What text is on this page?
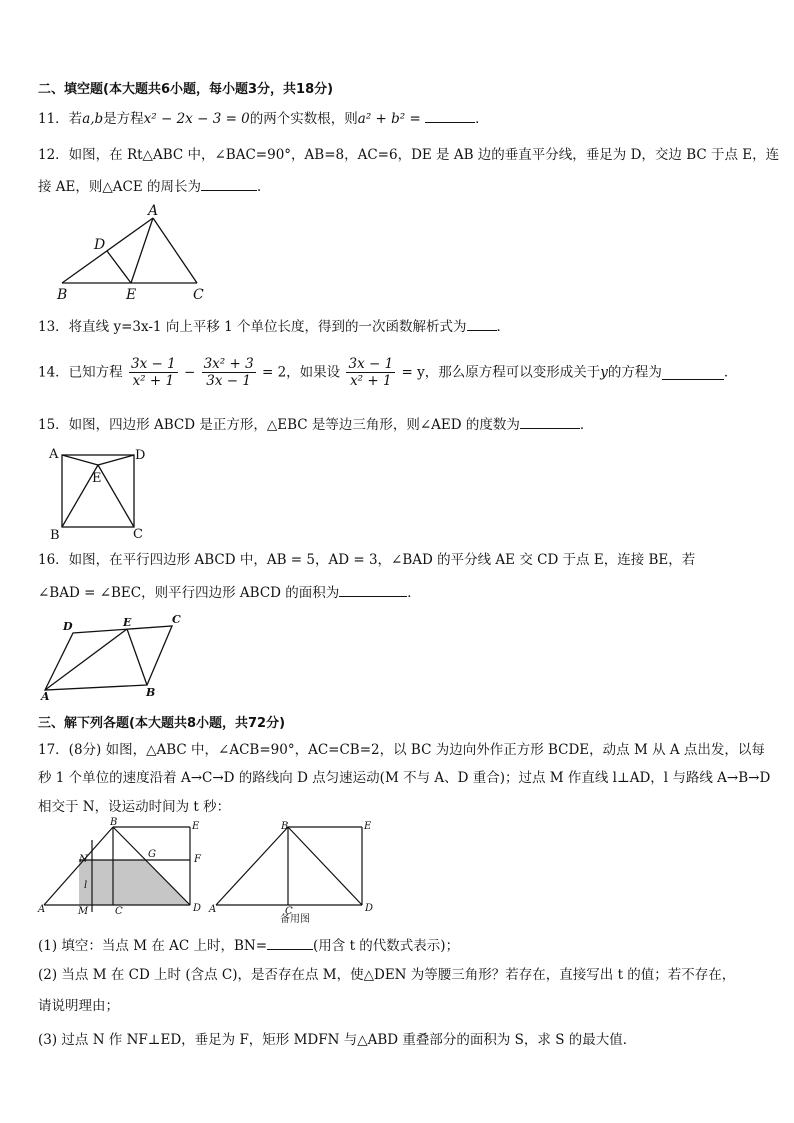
二、填空题(本大题共6小题，每小题3分，共18分)
11．若a,b是方程x² − 2x − 3 = 0的两个实数根，则a² + b² =	．
12．如图，在 Rt△ABC 中，∠BAC=90°，AB=8，AC=6，DE 是 AB 边的垂直平分线，垂足为 D，交边 BC 于点 E，连
接 AE，则△ACE 的周长为	．
A
D
B	E	C
13．将直线 y=3x-1 向上平移 1 个单位长度，得到的一次函数解析式为 ．
14．已知方程 $\frac{3x - 1}{\text{x² + 1}} - \frac{\text{3x² + 3}}{3x - 1} = 2$，如果设 $\frac{3x - 1}{\text{x² + 1}} = y$，那么原方程可以变形成关于y的方程为	．
15．如图，四边形 ABCD 是正方形，△EBC 是等边三角形，则∠AED 的度数为	．
A	D
E
B	C
16．如图，在平行四边形 ABCD 中，AB = 5，AD = 3，∠BAD 的平分线 AE 交 CD 于点 E，连接 BE，若
∠BAD = ∠BEC，则平行四边形 ABCD 的面积为	．
D	E	C
A	B
三、解下列各题(本大题共8小题，共72分)
17．(8分) 如图，△ABC 中，∠ACB=90°，AC=CB=2，以 BC 为边向外作正方形 BCDE，动点 M 从 A 点出发，以每
秒 1 个单位的速度沿着 A→C→D 的路线向 D 点匀速运动(M 不与 A、D 重合)；过点 M 作直线 l⊥AD，l 与路线 A→B→D
相交于 N，设运动时间为 t 秒：
B	E
N	G	F
l
A	M	C	D
B	E
A	C	D
备用图
(1) 填空：当点 M 在 AC 上时，BN=	(用含 t 的代数式表示)；
(2) 当点 M 在 CD 上时 (含点 C)，是否存在点 M，使△DEN 为等腰三角形？若存在，直接写出 t 的值；若不存在，
请说明理由；
(3) 过点 N 作 NF⊥ED，垂足为 F，矩形 MDFN 与△ABD 重叠部分的面积为 S，求 S 的最大值．
